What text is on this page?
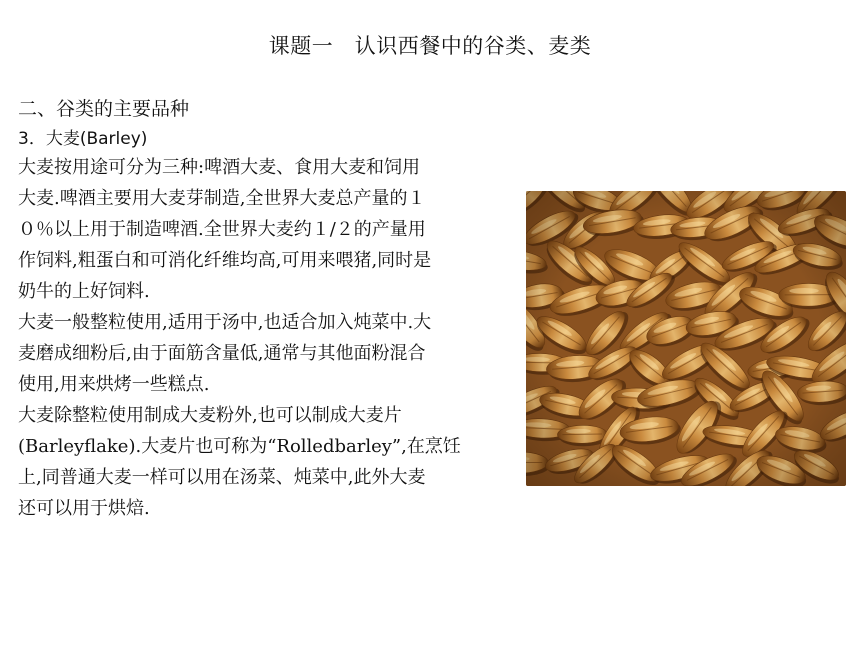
课题一　认识西餐中的谷类、麦类
二、谷类的主要品种
3．大麦(Barley)
大麦按用途可分为三种:啤酒大麦、食用大麦和饲用
大麦.啤酒主要用大麦芽制造,全世界大麦总产量的１
０％以上用于制造啤酒.全世界大麦约１/２的产量用
作饲料,粗蛋白和可消化纤维均高,可用来喂猪,同时是
奶牛的上好饲料.
大麦一般整粒使用,适用于汤中,也适合加入炖菜中.大
麦磨成细粉后,由于面筋含量低,通常与其他面粉混合
使用,用来烘烤一些糕点.
大麦除整粒使用制成大麦粉外,也可以制成大麦片
(Barleyflake).大麦片也可称为“Rolledbarley”,在烹饪
上,同普通大麦一样可以用在汤菜、炖菜中,此外大麦
还可以用于烘焙.
